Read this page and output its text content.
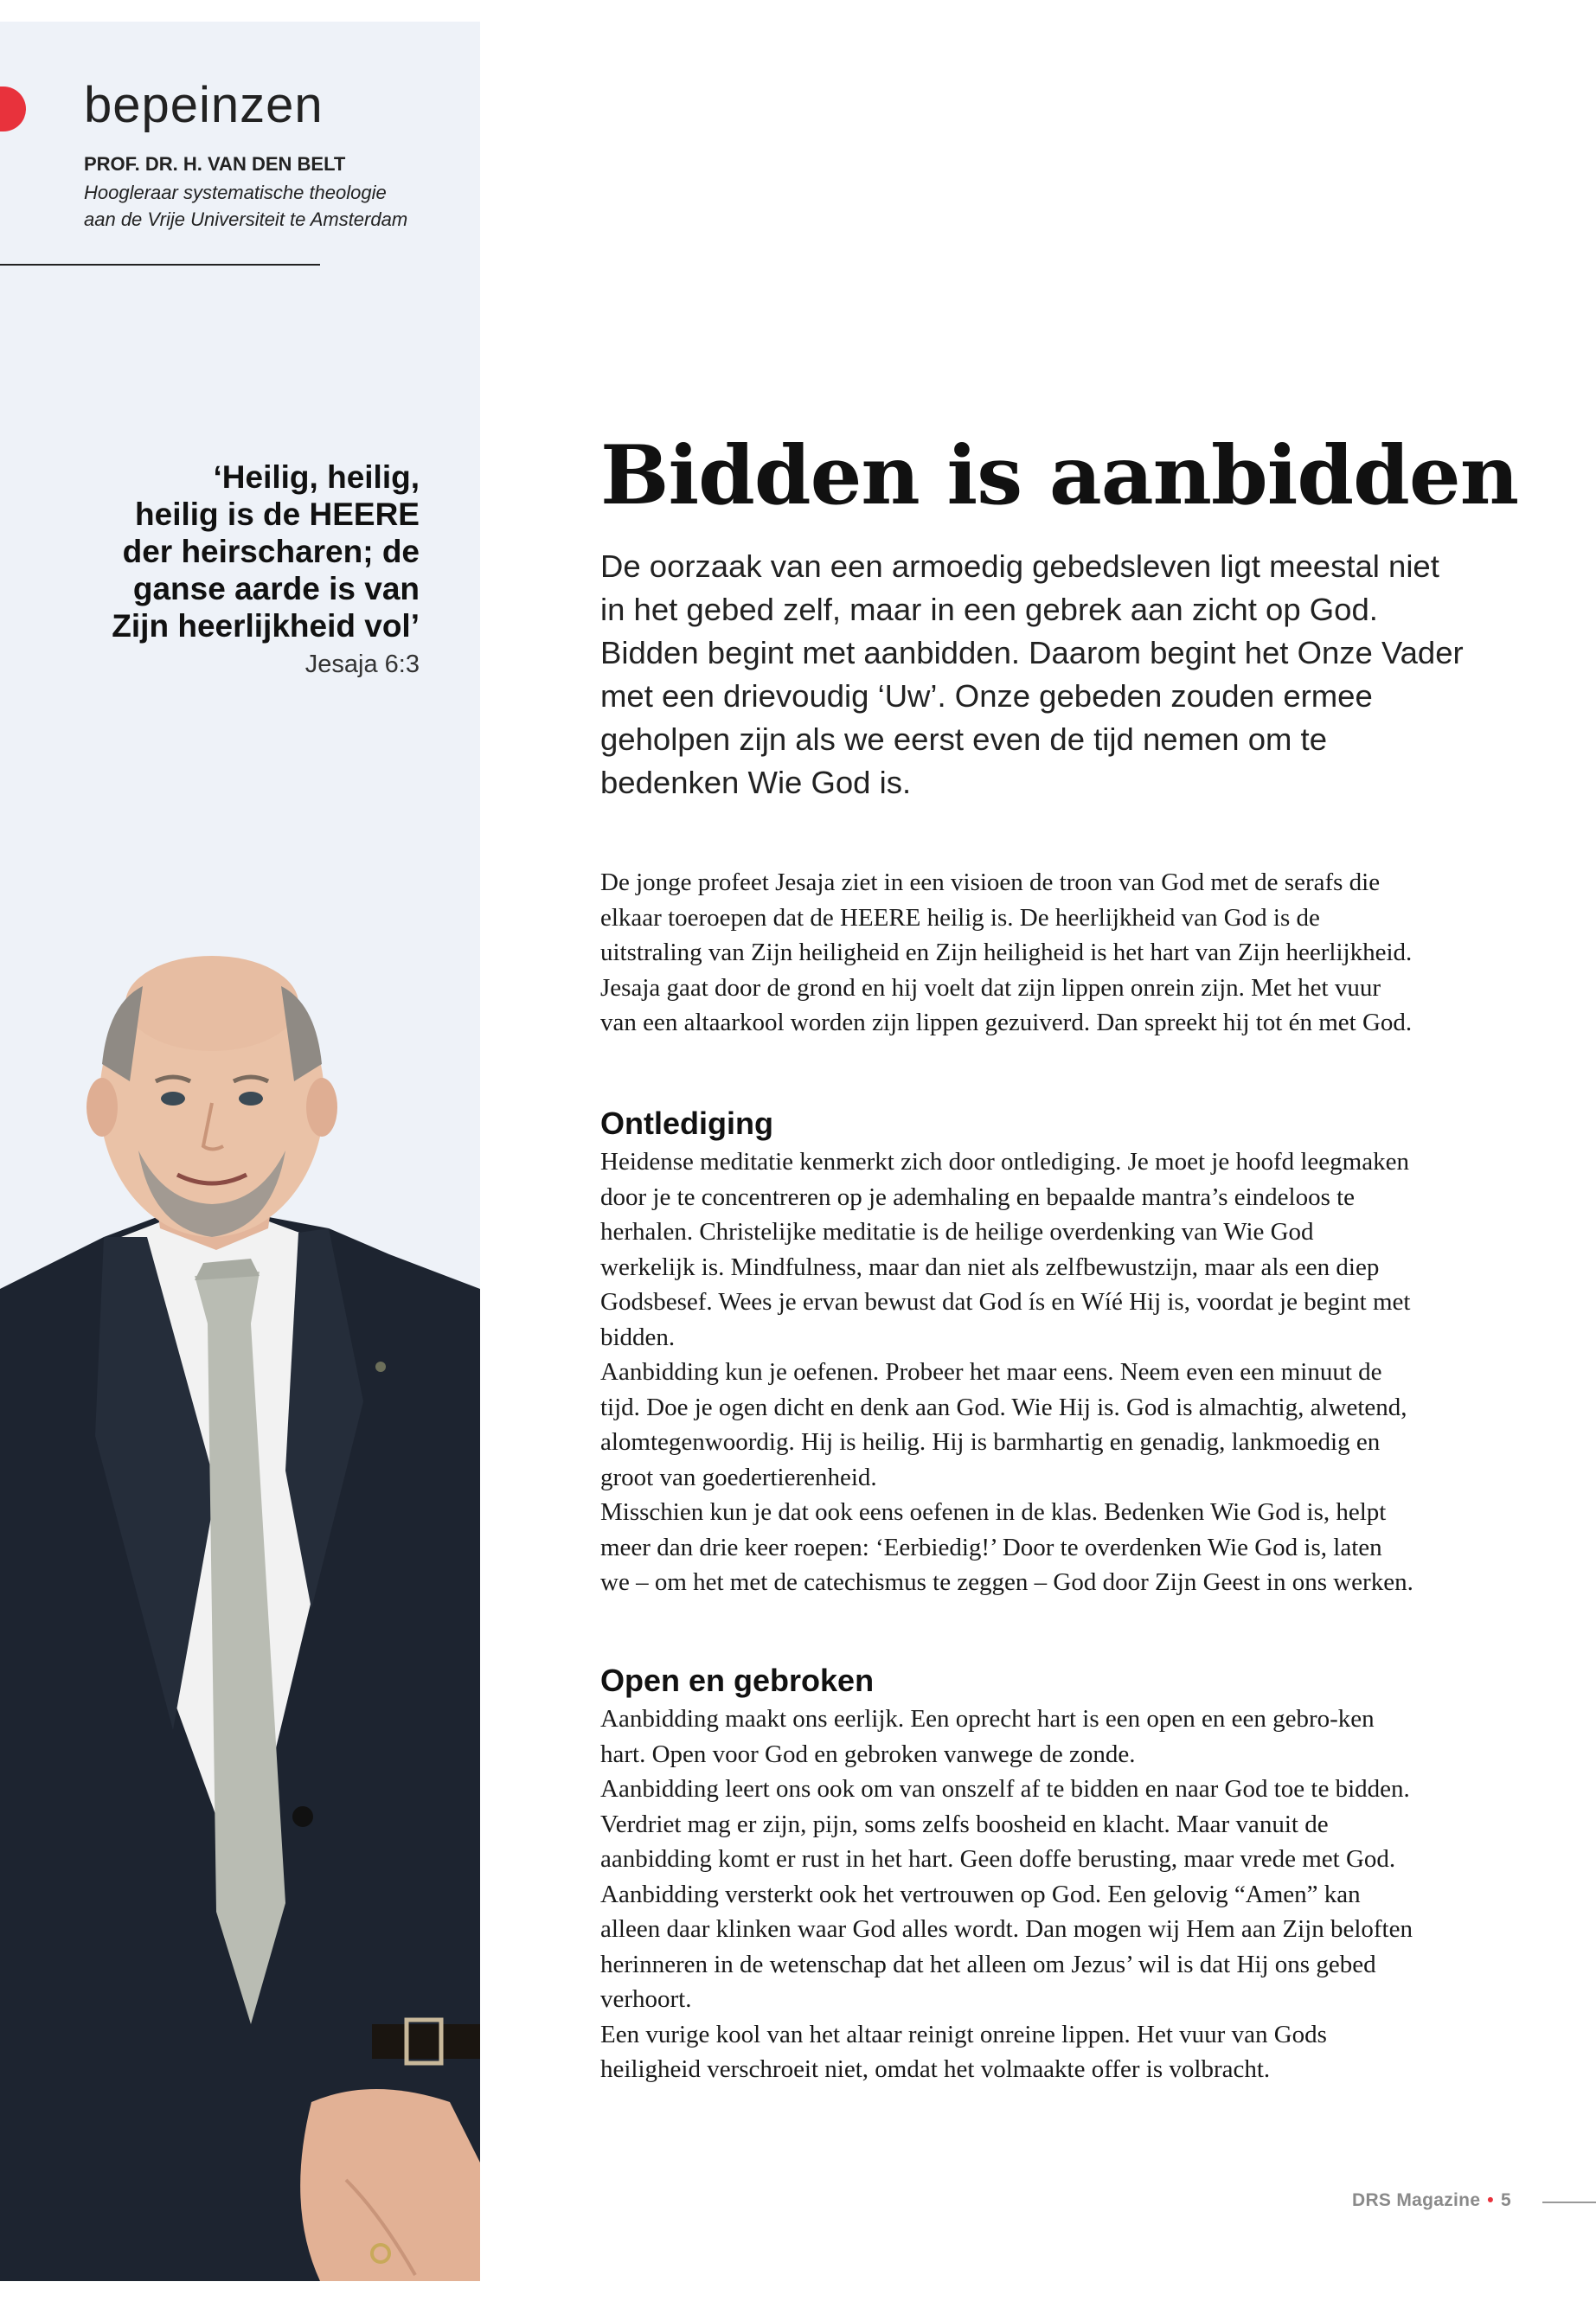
bepeinzen
PROF. DR. H. VAN DEN BELT
Hoogleraar systematische theologie
aan de Vrije Universiteit te Amsterdam
‘Heilig, heilig,
heilig is de HEERE
der heirscharen; de
ganse aarde is van
Zijn heerlijkheid vol’
Jesaja 6:3
Bidden is aanbidden
De oorzaak van een armoedig gebedsleven ligt meestal niet in het gebed zelf, maar in een gebrek aan zicht op God. Bidden begint met aanbidden. Daarom begint het Onze Vader met een drievoudig ‘Uw’. Onze gebeden zouden ermee geholpen zijn als we eerst even de tijd nemen om te bedenken Wie God is.

De jonge profeet Jesaja ziet in een visioen de troon van God met de serafs die elkaar toeroepen dat de HEERE heilig is. De heerlijkheid van God is de uitstraling van Zijn heiligheid en Zijn heiligheid is het hart van Zijn heerlijkheid. Jesaja gaat door de grond en hij voelt dat zijn lippen onrein zijn. Met het vuur van een altaarkool worden zijn lippen gezuiverd. Dan spreekt hij tot én met God.

Ontlediging

Heidense meditatie kenmerkt zich door ontlediging. Je moet je hoofd leegmaken door je te concentreren op je ademhaling en bepaalde mantra’s eindeloos te herhalen. Christelijke meditatie is de heilige overdenking van Wie God werkelijk is. Mindfulness, maar dan niet als zelfbewustzijn, maar als een diep Godsbesef. Wees je ervan bewust dat God ís en Wíé Hij is, voordat je begint met bidden.

Aanbidding kun je oefenen. Probeer het maar eens. Neem even een minuut de tijd. Doe je ogen dicht en denk aan God. Wie Hij is. God is almachtig, alwetend, alomtegenwoordig. Hij is heilig. Hij is barmhartig en genadig, lankmoedig en groot van goedertierenheid.

Misschien kun je dat ook eens oefenen in de klas. Bedenken Wie God is, helpt meer dan drie keer roepen: ‘Eerbiedig!’ Door te overdenken Wie God is, laten we – om het met de catechismus te zeggen – God door Zijn Geest in ons werken.

Open en gebroken

Aanbidding maakt ons eerlijk. Een oprecht hart is een open en een gebro-ken hart. Open voor God en gebroken vanwege de zonde.

Aanbidding leert ons ook om van onszelf af te bidden en naar God toe te bidden. Verdriet mag er zijn, pijn, soms zelfs boosheid en klacht. Maar vanuit de aanbidding komt er rust in het hart. Geen doffe berusting, maar vrede met God.

Aanbidding versterkt ook het vertrouwen op God. Een gelovig “Amen” kan alleen daar klinken waar God alles wordt. Dan mogen wij Hem aan Zijn beloften herinneren in de wetenschap dat het alleen om Jezus’ wil is dat Hij ons gebed verhoort.

Een vurige kool van het altaar reinigt onreine lippen. Het vuur van Gods heiligheid verschroeit niet, omdat het volmaakte offer is volbracht.

DRS Magazine • 5
